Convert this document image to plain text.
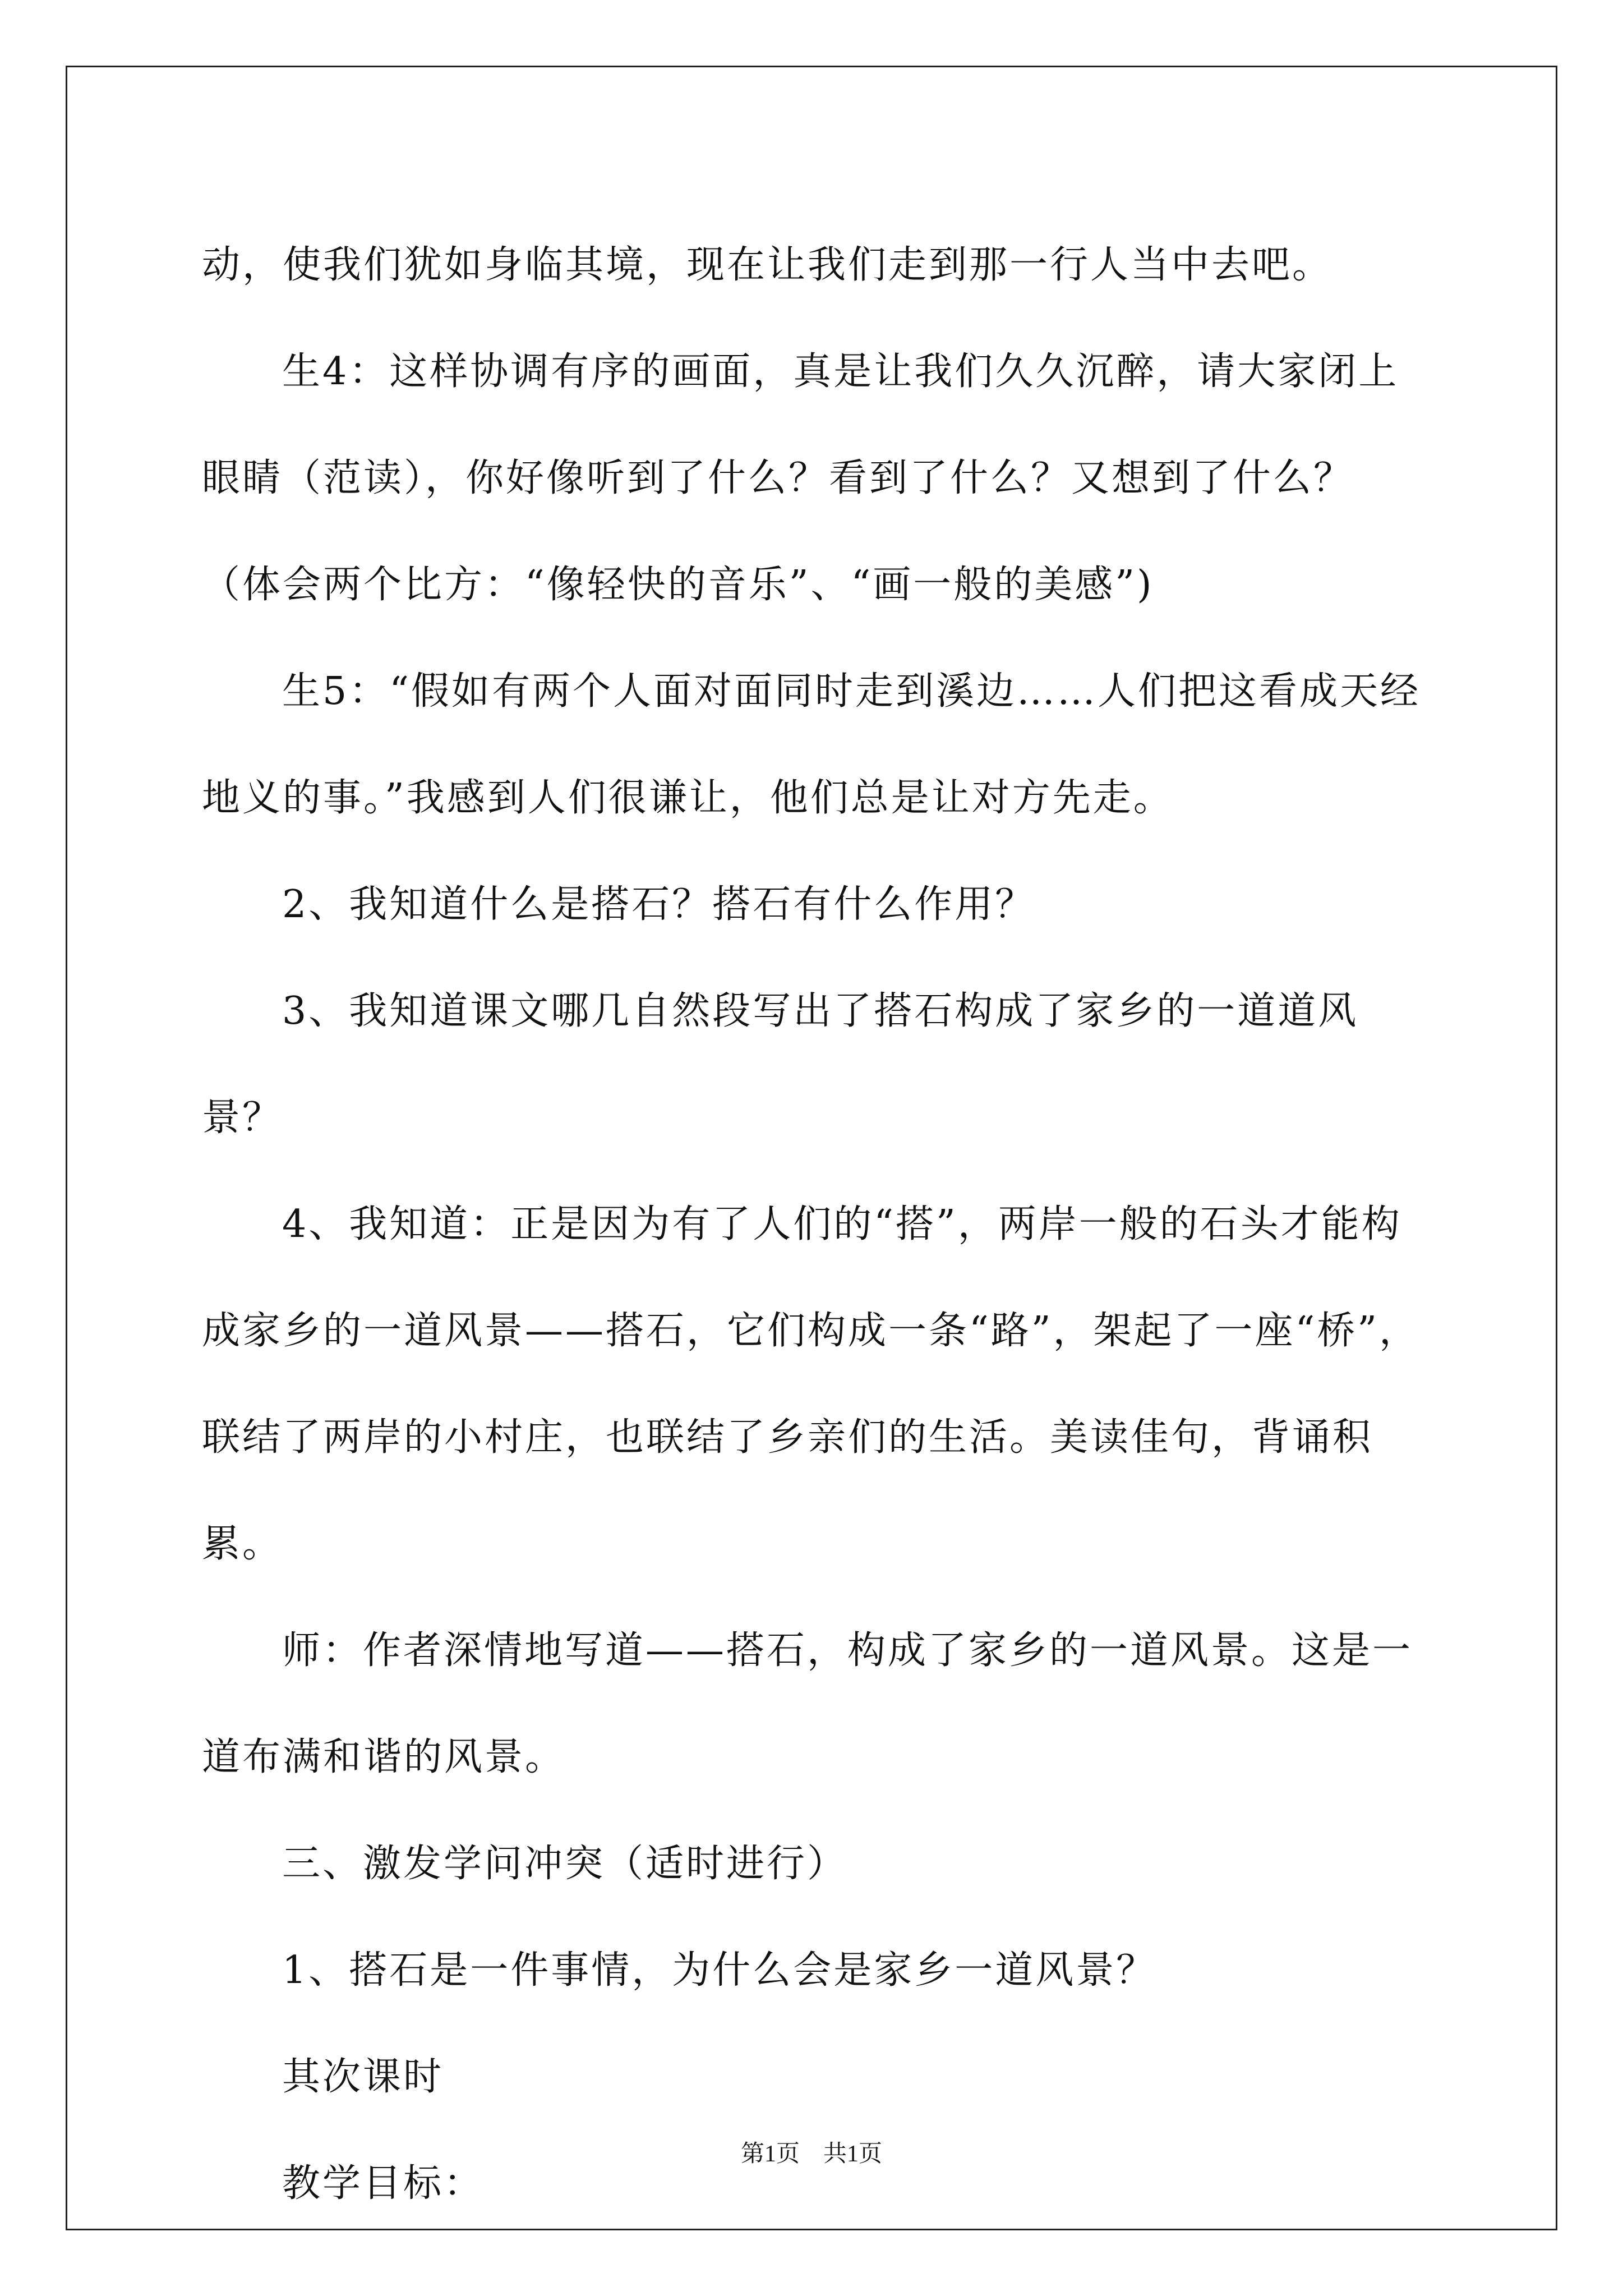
动，使我们犹如身临其境，现在让我们走到那一行人当中去吧。

生4：这样协调有序的画面，真是让我们久久沉醉，请大家闭上眼睛（范读），你好像听到了什么？看到了什么？又想到了什么？（体会两个比方：“像轻快的音乐”、“画一般的美感”)

生5：“假如有两个人面对面同时走到溪边……人们把这看成天经地义的事。”我感到人们很谦让，他们总是让对方先走。

2、我知道什么是搭石？搭石有什么作用？

3、我知道课文哪几自然段写出了搭石构成了家乡的一道道风景？

4、我知道：正是因为有了人们的“搭”，两岸一般的石头才能构成家乡的一道风景——搭石，它们构成一条“路”，架起了一座“桥”，联结了两岸的小村庄，也联结了乡亲们的生活。美读佳句，背诵积累。

师：作者深情地写道——搭石，构成了家乡的一道风景。这是一道布满和谐的风景。

三、激发学问冲突（适时进行）

1、搭石是一件事情，为什么会是家乡一道风景？

其次课时

教学目标：

第1页　共1页
